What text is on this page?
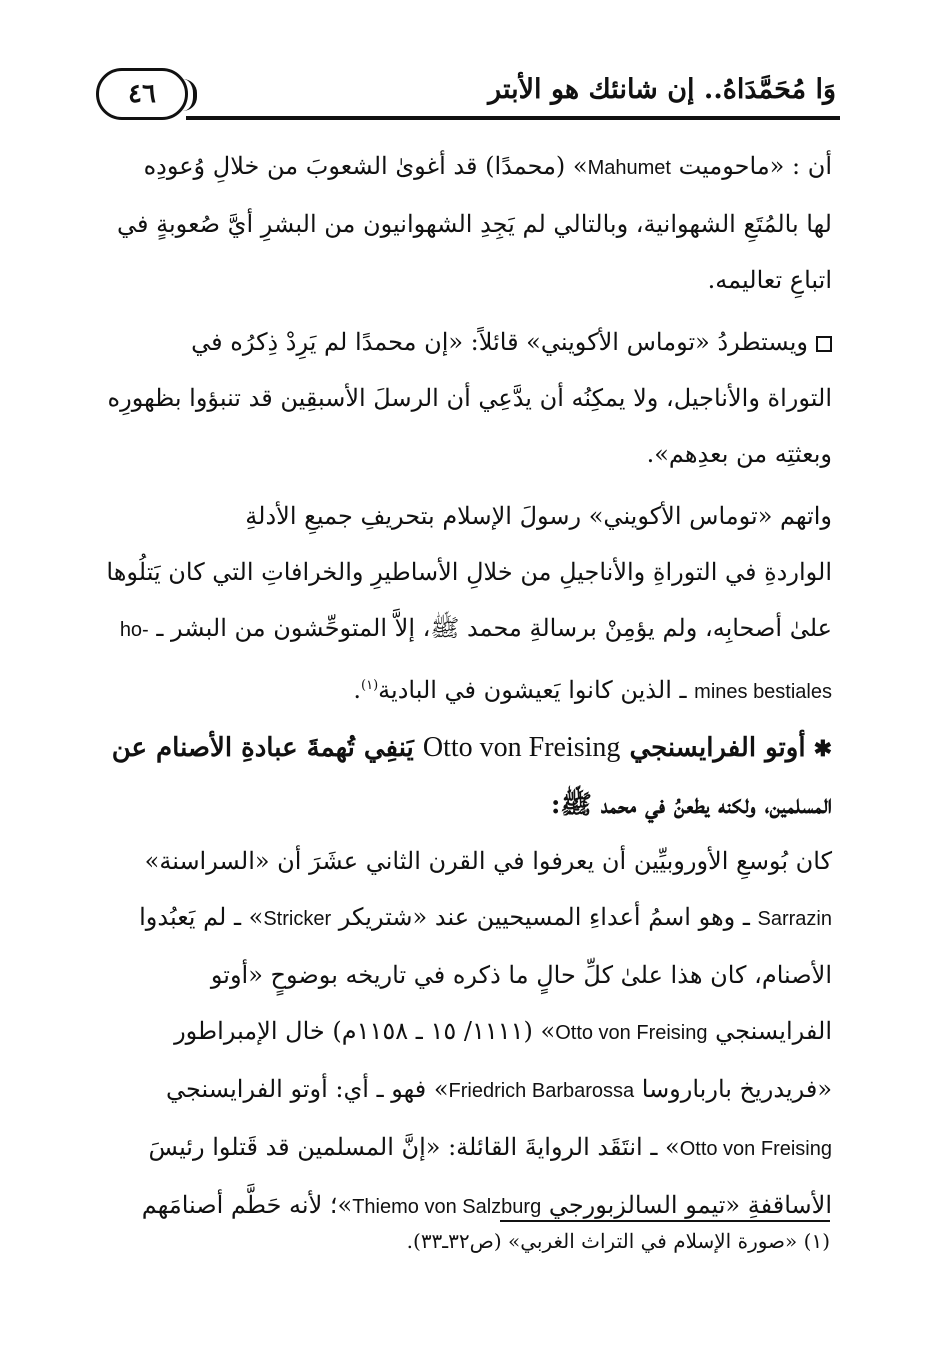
٤٦	وَا مُحَمَّدَاهُ.. إن شانئك هو الأبتر
أن : «ماحوميت Mahumet» (محمدًا) قد أغوىٰ الشعوبَ من خلالِ وُعودِه
لها بالمُتَعِ الشهوانية، وبالتالي لم يَجِدِ الشهوانيون من البشرِ أيَّ صُعوبةٍ في
اتباعِ تعاليمه.
ويستطردُ «توماس الأكويني» قائلاً: «إن محمدًا لم يَرِدْ ذِكرُه في
التوراة والأناجيل، ولا يمكِنُه أن يدَّعِي أن الرسلَ الأسبقِين قد تنبؤوا بظهورِه
وبعثتِه من بعدِهم».
واتهم «توماس الأكويني» رسولَ الإسلام بتحريفِ جميعِ الأدلةِ
الواردةِ في التوراةِ والأناجيلِ من خلالِ الأساطيرِ والخرافاتِ التي كان يَتلُوها
علىٰ أصحابِه، ولم يؤمِنْ برسالةِ محمد ﷺ، إلاَّ المتوحِّشون من البشر ـ ho-
mines bestiales ـ الذين كانوا يَعيشون في البادية$^{(١)}$.
✱أوتو الفرايسنجي Otto von Freising يَنفِي تُهمةَ عبادةِ الأصنام عن
المسلمين، ولكنه يطعنُ في محمد ﷺ:
كان بُوسعِ الأوروبيِّين أن يعرفوا في القرن الثاني عشَرَ أن «السراسنة»
Sarrazin ـ وهو اسمُ أعداءِ المسيحيين عند «شتريكر Stricker» ـ لم يَعبُدوا
الأصنام، كان هذا علىٰ كلِّ حالٍ ما ذكره في تاريخه بوضوحٍ «أوتو
الفرايسنجي Otto von Freising» (١١١١/ ١٥ ـ ١١٥٨م) خال الإمبراطور
«فريدريخ بارباروسا Friedrich Barbarossa» فهو ـ أي: أوتو الفرايسنجي
Otto von Freising» ـ انتَقَد الروايةَ القائلة: «إنَّ المسلمين قد قَتلوا رئيسَ
الأساقفةِ «تيمو السالزبورجي Thiemo von Salzburg»؛ لأنه حَطَّم أصنامَهم
(١) «صورة الإسلام في التراث الغربي» (ص٣٢ـ٣٣).
